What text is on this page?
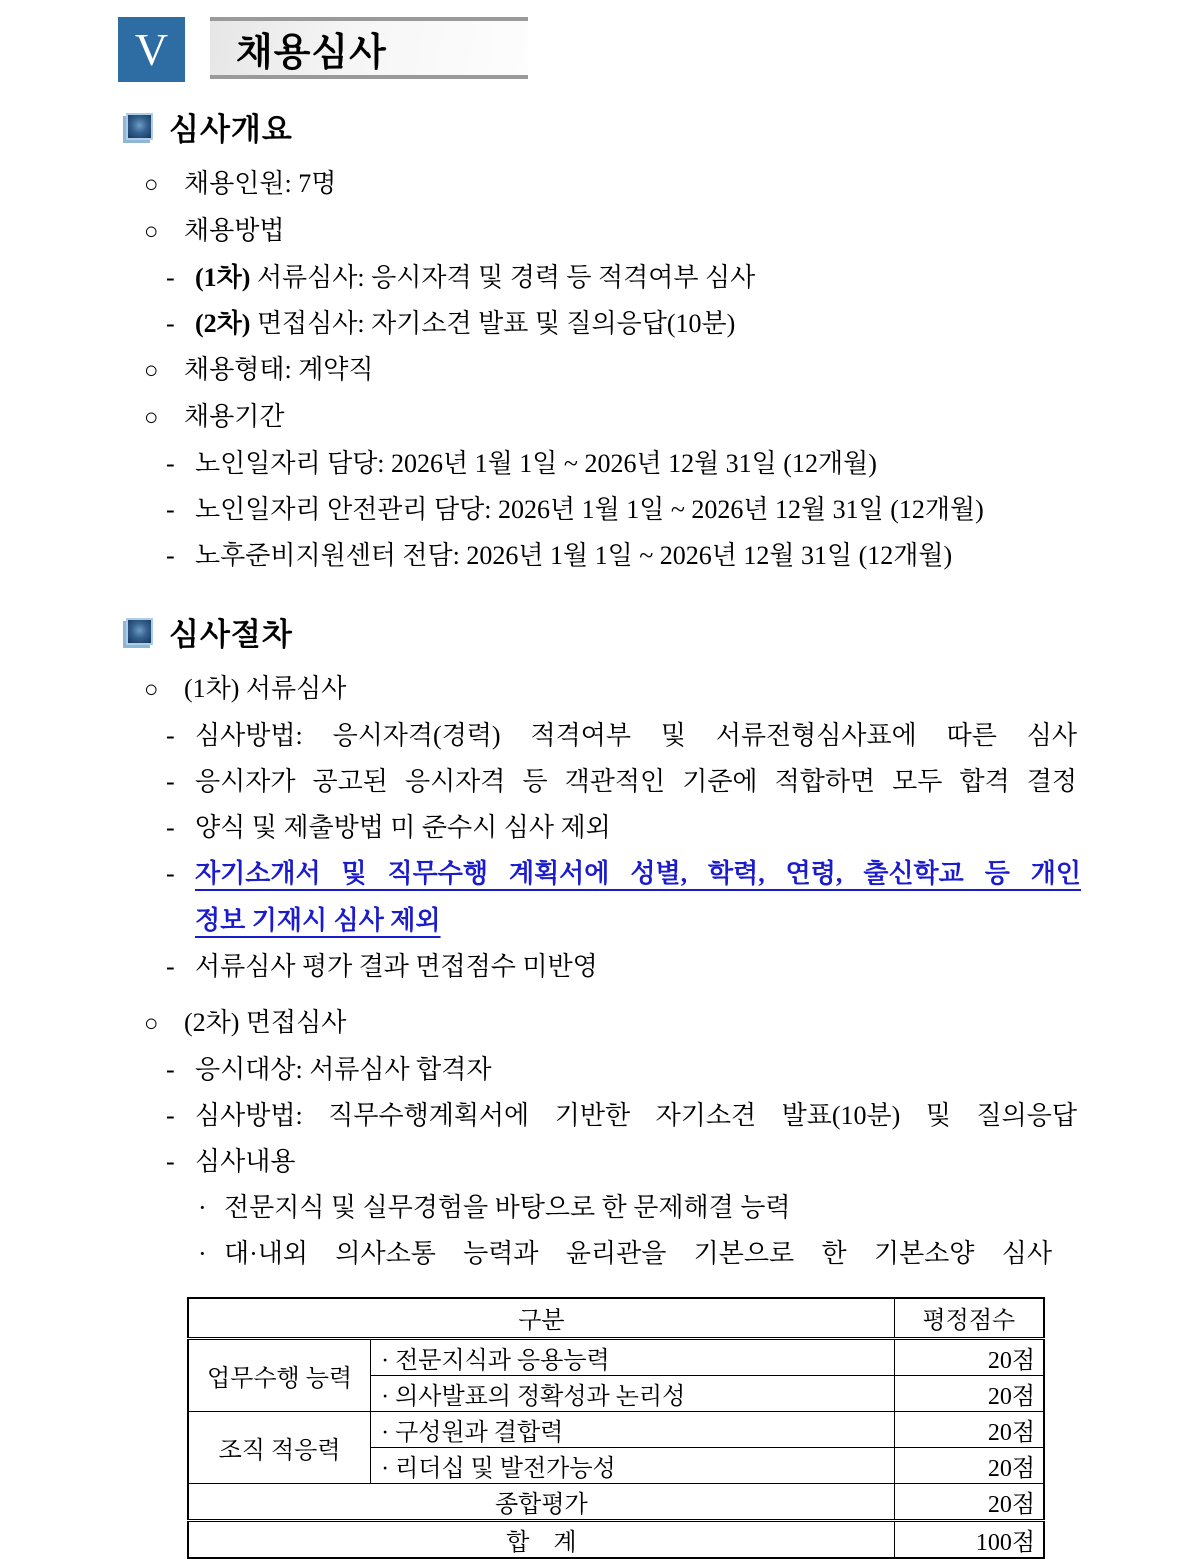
V 채용심사
심사개요
○ 채용인원: 7명

○ 채용방법

- (1차) 서류심사: 응시자격 및 경력 등 적격여부 심사

- (2차) 면접심사: 자기소견 발표 및 질의응답(10분)

○ 채용형태: 계약직

○ 채용기간

- 노인일자리 담당: 2026년 1월 1일 ~ 2026년 12월 31일 (12개월)

- 노인일자리 안전관리 담당: 2026년 1월 1일 ~ 2026년 12월 31일 (12개월)

- 노후준비지원센터 전담: 2026년 1월 1일 ~ 2026년 12월 31일 (12개월)

심사절차
○ (1차) 서류심사

- 심사방법: 응시자격(경력) 적격여부 및 서류전형심사표에 따른 심사

- 응시자가 공고된 응시자격 등 객관적인 기준에 적합하면 모두 합격 결정

- 양식 및 제출방법 미 준수시 심사 제외

- 자기소개서 및 직무수행 계획서에 성별, 학력, 연령, 출신학교 등 개인
정보 기재시 심사 제외

- 서류심사 평가 결과 면접점수 미반영

○ (2차) 면접심사

- 응시대상: 서류심사 합격자

- 심사방법: 직무수행계획서에 기반한 자기소견 발표(10분) 및 질의응답

- 심사내용

· 전문지식 및 실무경험을 바탕으로 한 문제해결 능력

· 대·내외 의사소통 능력과 윤리관을 기본으로 한 기본소양 심사

구분		평정점수
업무수행 능력	· 전문지식과 응용능력	20점
	· 의사발표의 정확성과 논리성	20점
조직 적응력	· 구성원과 결합력	20점
	· 리더십 및 발전가능성	20점
종합평가		20점
합    계		100점
